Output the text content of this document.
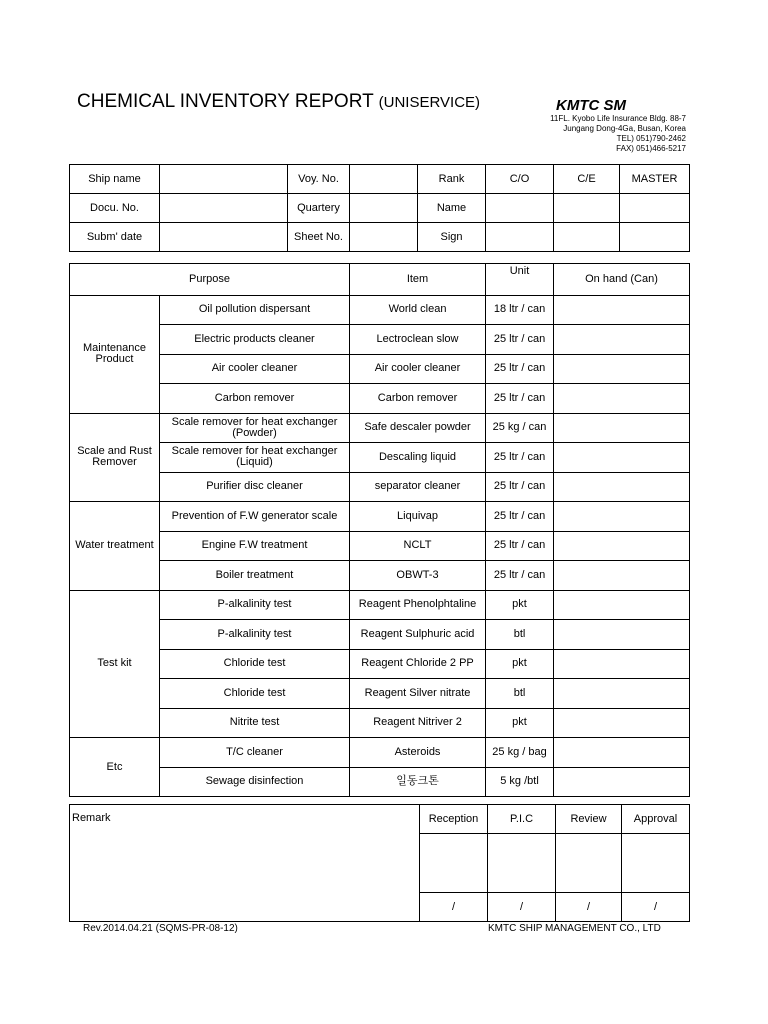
CHEMICAL INVENTORY REPORT (UNISERVICE)	KMTC SM
11FL. Kyobo Life Insurance Bldg. 88-7
Jungang Dong-4Ga, Busan, Korea
TEL) 051)790-2462
FAX) 051)466-5217
Ship name		Voy. No.		Rank	C/O	C/E	MASTER
Docu. No.		Quartery		Name			
Subm' date		Sheet No.		Sign			
Purpose		Item	Unit	On hand (Can)
Maintenance Product	Oil pollution dispersant	World clean	18 ltr / can	
	Electric products cleaner	Lectroclean slow	25 ltr / can	
	Air cooler cleaner	Air cooler cleaner	25 ltr / can	
	Carbon remover	Carbon remover	25 ltr / can	
Scale and Rust Remover	Scale remover for heat exchanger (Powder)	Safe descaler powder	25 kg / can	
	Scale remover for heat exchanger (Liquid)	Descaling liquid	25 ltr / can	
	Purifier disc cleaner	separator cleaner	25 ltr / can	
Water treatment	Prevention of F.W generator scale	Liquivap	25 ltr / can	
	Engine F.W treatment	NCLT	25 ltr / can	
	Boiler treatment	OBWT-3	25 ltr / can	
Test kit	P-alkalinity test	Reagent Phenolphtaline	pkt	
	P-alkalinity test	Reagent Sulphuric acid	btl	
	Chloride test	Reagent Chloride 2 PP	pkt	
	Chloride test	Reagent Silver nitrate	btl	
	Nitrite test	Reagent Nitriver 2	pkt	
Etc	T/C cleaner	Asteroids	25 kg / bag	
	Sewage disinfection	일동크톤	5 kg /btl	
Remark	Reception	P.I.C	Review	Approval

	/	/	/	/
Rev.2014.04.21 (SQMS-PR-08-12)	KMTC SHIP MANAGEMENT CO., LTD
